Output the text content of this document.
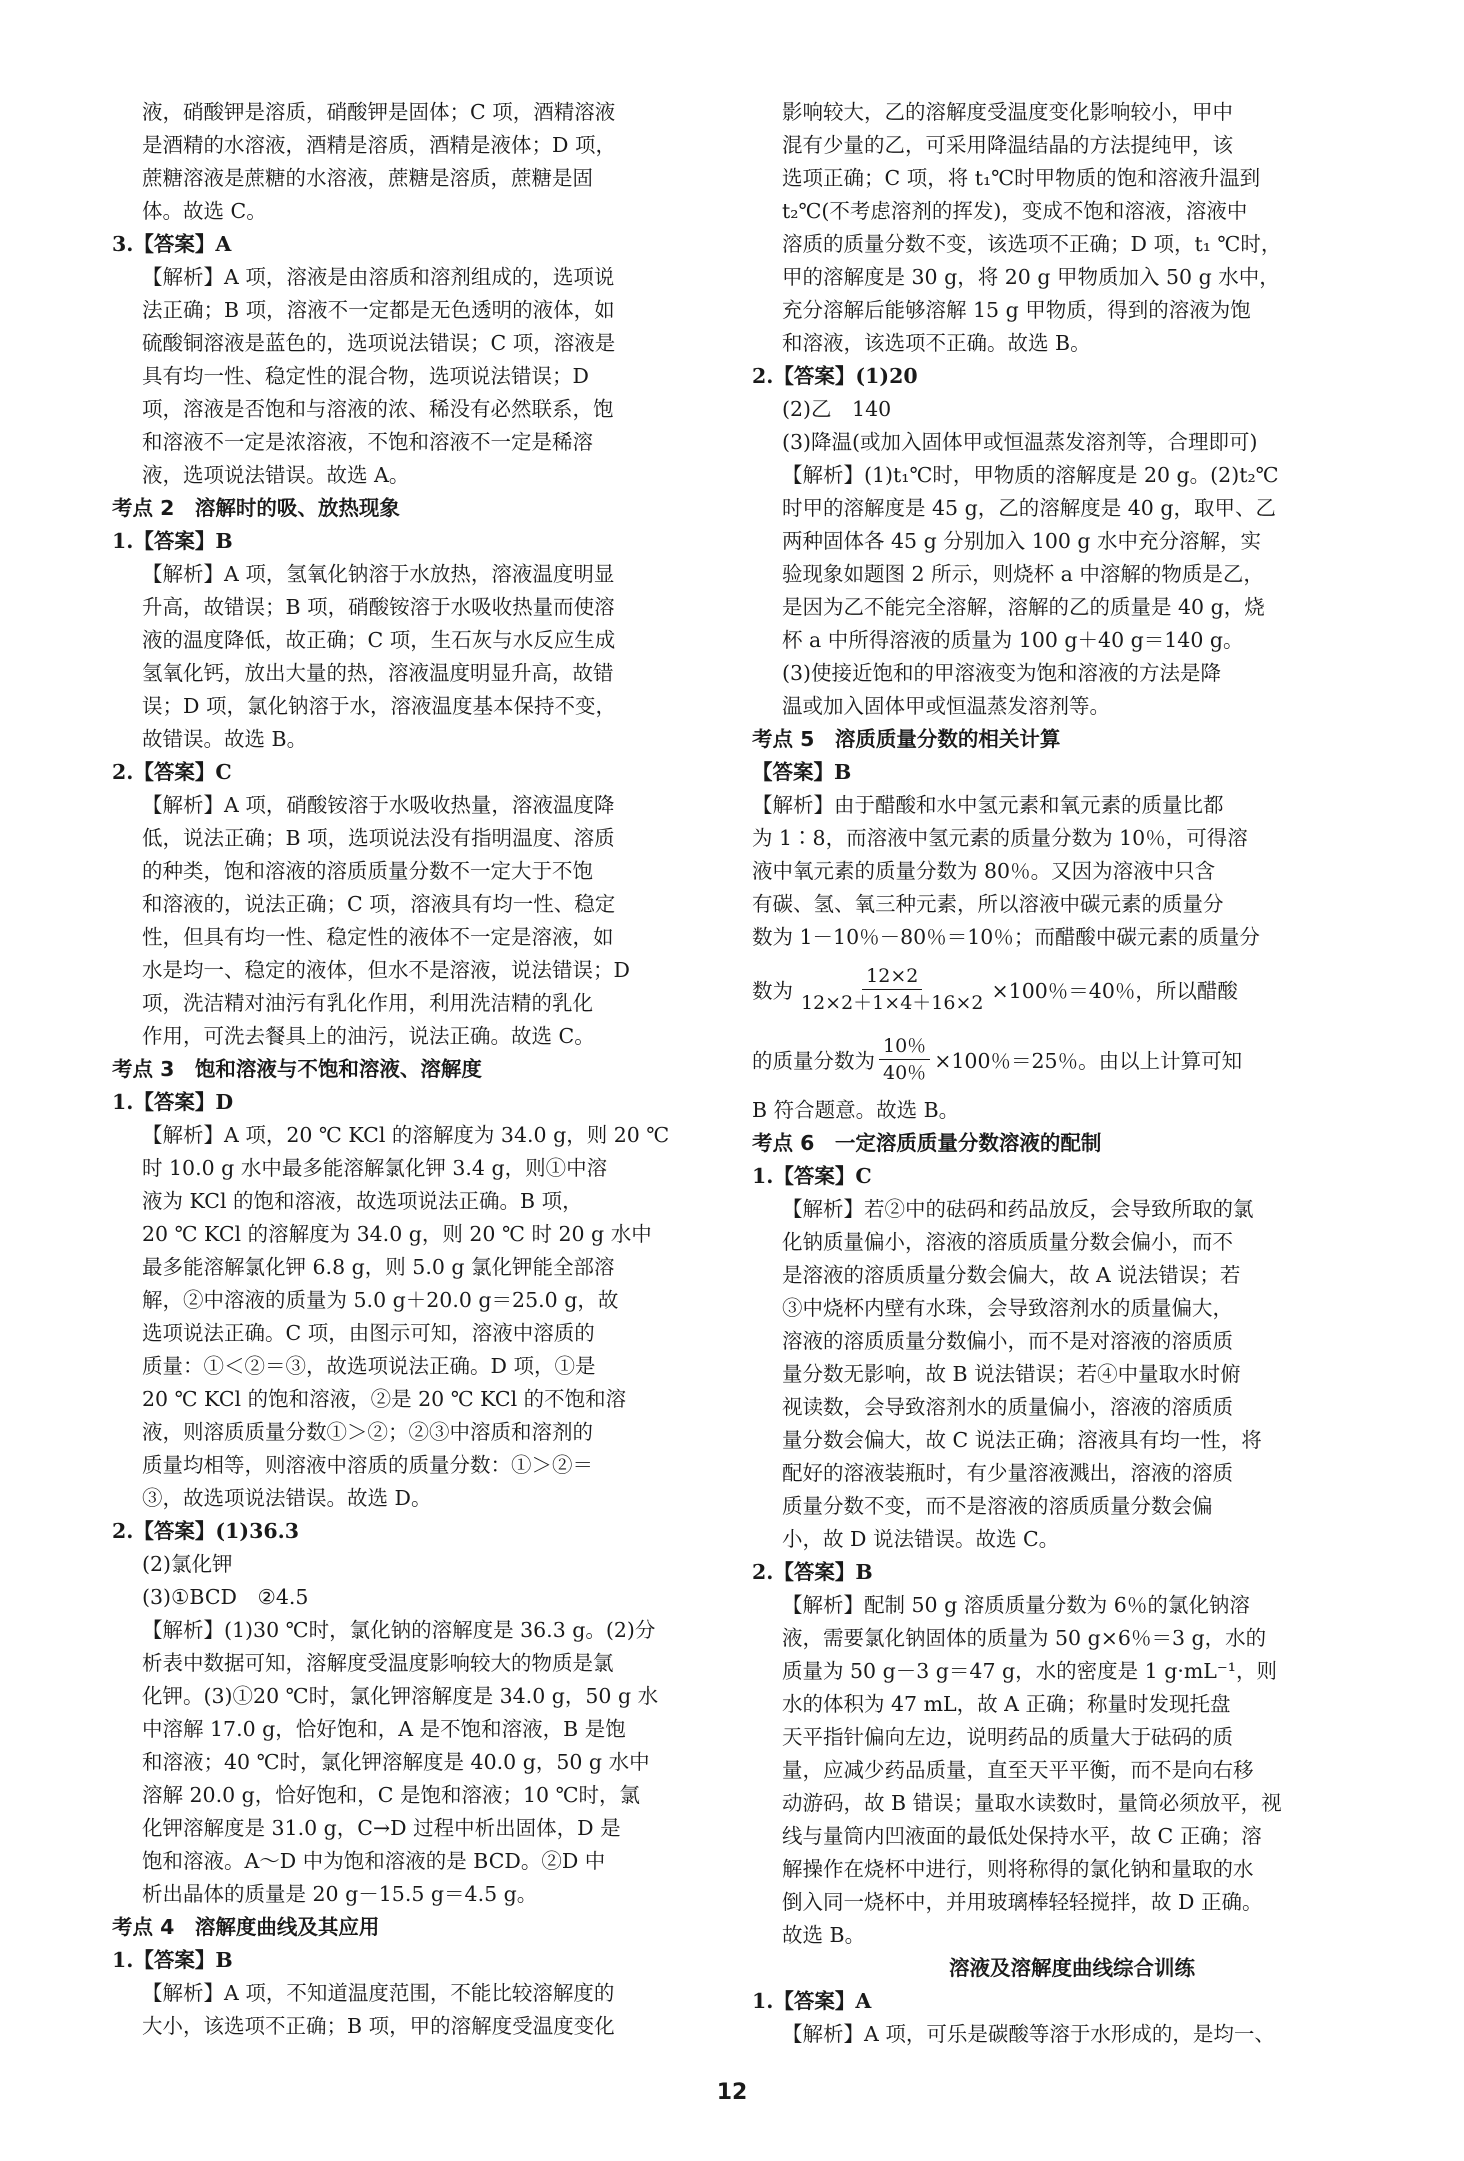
液，硝酸钾是溶质，硝酸钾是固体；C 项，酒精溶液
是酒精的水溶液，酒精是溶质，酒精是液体；D 项，
蔗糖溶液是蔗糖的水溶液，蔗糖是溶质，蔗糖是固
体。故选 C。
3.【答案】A
【解析】A 项，溶液是由溶质和溶剂组成的，选项说
法正确；B 项，溶液不一定都是无色透明的液体，如
硫酸铜溶液是蓝色的，选项说法错误；C 项，溶液是
具有均一性、稳定性的混合物，选项说法错误；D
项，溶液是否饱和与溶液的浓、稀没有必然联系，饱
和溶液不一定是浓溶液，不饱和溶液不一定是稀溶
液，选项说法错误。故选 A。
考点 2　溶解时的吸、放热现象
1.【答案】B
【解析】A 项，氢氧化钠溶于水放热，溶液温度明显
升高，故错误；B 项，硝酸铵溶于水吸收热量而使溶
液的温度降低，故正确；C 项，生石灰与水反应生成
氢氧化钙，放出大量的热，溶液温度明显升高，故错
误；D 项，氯化钠溶于水，溶液温度基本保持不变，
故错误。故选 B。
2.【答案】C
【解析】A 项，硝酸铵溶于水吸收热量，溶液温度降
低，说法正确；B 项，选项说法没有指明温度、溶质
的种类，饱和溶液的溶质质量分数不一定大于不饱
和溶液的，说法正确；C 项，溶液具有均一性、稳定
性，但具有均一性、稳定性的液体不一定是溶液，如
水是均一、稳定的液体，但水不是溶液，说法错误；D
项，洗洁精对油污有乳化作用，利用洗洁精的乳化
作用，可洗去餐具上的油污，说法正确。故选 C。
考点 3　饱和溶液与不饱和溶液、溶解度
1.【答案】D
【解析】A 项，20 ℃ KCl 的溶解度为 34.0 g，则 20 ℃
时 10.0 g 水中最多能溶解氯化钾 3.4 g，则①中溶
液为 KCl 的饱和溶液，故选项说法正确。B 项，
20 ℃ KCl 的溶解度为 34.0 g，则 20 ℃ 时 20 g 水中
最多能溶解氯化钾 6.8 g，则 5.0 g 氯化钾能全部溶
解，②中溶液的质量为 5.0 g＋20.0 g＝25.0 g，故
选项说法正确。C 项，由图示可知，溶液中溶质的
质量：①＜②＝③，故选项说法正确。D 项，①是
20 ℃ KCl 的饱和溶液，②是 20 ℃ KCl 的不饱和溶
液，则溶质质量分数①＞②；②③中溶质和溶剂的
质量均相等，则溶液中溶质的质量分数：①＞②＝
③，故选项说法错误。故选 D。
2.【答案】(1)36.3
(2)氯化钾
(3)①BCD　②4.5
【解析】(1)30 ℃时，氯化钠的溶解度是 36.3 g。(2)分
析表中数据可知，溶解度受温度影响较大的物质是氯
化钾。(3)①20 ℃时，氯化钾溶解度是 34.0 g，50 g 水
中溶解 17.0 g，恰好饱和，A 是不饱和溶液，B 是饱
和溶液；40 ℃时，氯化钾溶解度是 40.0 g，50 g 水中
溶解 20.0 g，恰好饱和，C 是饱和溶液；10 ℃时，氯
化钾溶解度是 31.0 g，C→D 过程中析出固体，D 是
饱和溶液。A～D 中为饱和溶液的是 BCD。②D 中
析出晶体的质量是 20 g－15.5 g＝4.5 g。
考点 4　溶解度曲线及其应用
1.【答案】B
【解析】A 项，不知道温度范围，不能比较溶解度的
大小，该选项不正确；B 项，甲的溶解度受温度变化
影响较大，乙的溶解度受温度变化影响较小，甲中
混有少量的乙，可采用降温结晶的方法提纯甲，该
选项正确；C 项，将 t₁℃时甲物质的饱和溶液升温到
t₂℃(不考虑溶剂的挥发)，变成不饱和溶液，溶液中
溶质的质量分数不变，该选项不正确；D 项，t₁ ℃时，
甲的溶解度是 30 g，将 20 g 甲物质加入 50 g 水中，
充分溶解后能够溶解 15 g 甲物质，得到的溶液为饱
和溶液，该选项不正确。故选 B。
2.【答案】(1)20
(2)乙　140
(3)降温(或加入固体甲或恒温蒸发溶剂等，合理即可)
【解析】(1)t₁℃时，甲物质的溶解度是 20 g。(2)t₂℃
时甲的溶解度是 45 g，乙的溶解度是 40 g，取甲、乙
两种固体各 45 g 分别加入 100 g 水中充分溶解，实
验现象如题图 2 所示，则烧杯 a 中溶解的物质是乙，
是因为乙不能完全溶解，溶解的乙的质量是 40 g，烧
杯 a 中所得溶液的质量为 100 g＋40 g＝140 g。
(3)使接近饱和的甲溶液变为饱和溶液的方法是降
温或加入固体甲或恒温蒸发溶剂等。
考点 5　溶质质量分数的相关计算
【答案】B
【解析】由于醋酸和水中氢元素和氧元素的质量比都
为 1∶8，而溶液中氢元素的质量分数为 10％，可得溶
液中氧元素的质量分数为 80％。又因为溶液中只含
有碳、氢、氧三种元素，所以溶液中碳元素的质量分
数为 1－10％－80％＝10％；而醋酸中碳元素的质量分
数为 $\frac{12\times 2}{12\times 2+1\times 4+16\times 2} \times 100$％＝40％，所以醋酸
的质量分数为 $\frac{10\%}{40\%} \times 100$％＝25％。由以上计算可知
B 符合题意。故选 B。
考点 6　一定溶质质量分数溶液的配制
1.【答案】C
【解析】若②中的砝码和药品放反，会导致所取的氯
化钠质量偏小，溶液的溶质质量分数会偏小，而不
是溶液的溶质质量分数会偏大，故 A 说法错误；若
③中烧杯内壁有水珠，会导致溶剂水的质量偏大，
溶液的溶质质量分数偏小，而不是对溶液的溶质质
量分数无影响，故 B 说法错误；若④中量取水时俯
视读数，会导致溶剂水的质量偏小，溶液的溶质质
量分数会偏大，故 C 说法正确；溶液具有均一性，将
配好的溶液装瓶时，有少量溶液溅出，溶液的溶质
质量分数不变，而不是溶液的溶质质量分数会偏
小，故 D 说法错误。故选 C。
2.【答案】B
【解析】配制 50 g 溶质质量分数为 6％的氯化钠溶
液，需要氯化钠固体的质量为 50 g×6％＝3 g，水的
质量为 50 g－3 g＝47 g，水的密度是 1 g·mL⁻¹，则
水的体积为 47 mL，故 A 正确；称量时发现托盘
天平指针偏向左边，说明药品的质量大于砝码的质
量，应减少药品质量，直至天平平衡，而不是向右移
动游码，故 B 错误；量取水读数时，量筒必须放平，视
线与量筒内凹液面的最低处保持水平，故 C 正确；溶
解操作在烧杯中进行，则将称得的氯化钠和量取的水
倒入同一烧杯中，并用玻璃棒轻轻搅拌，故 D 正确。
故选 B。
溶液及溶解度曲线综合训练
1.【答案】A
【解析】A 项，可乐是碳酸等溶于水形成的，是均一、
12
